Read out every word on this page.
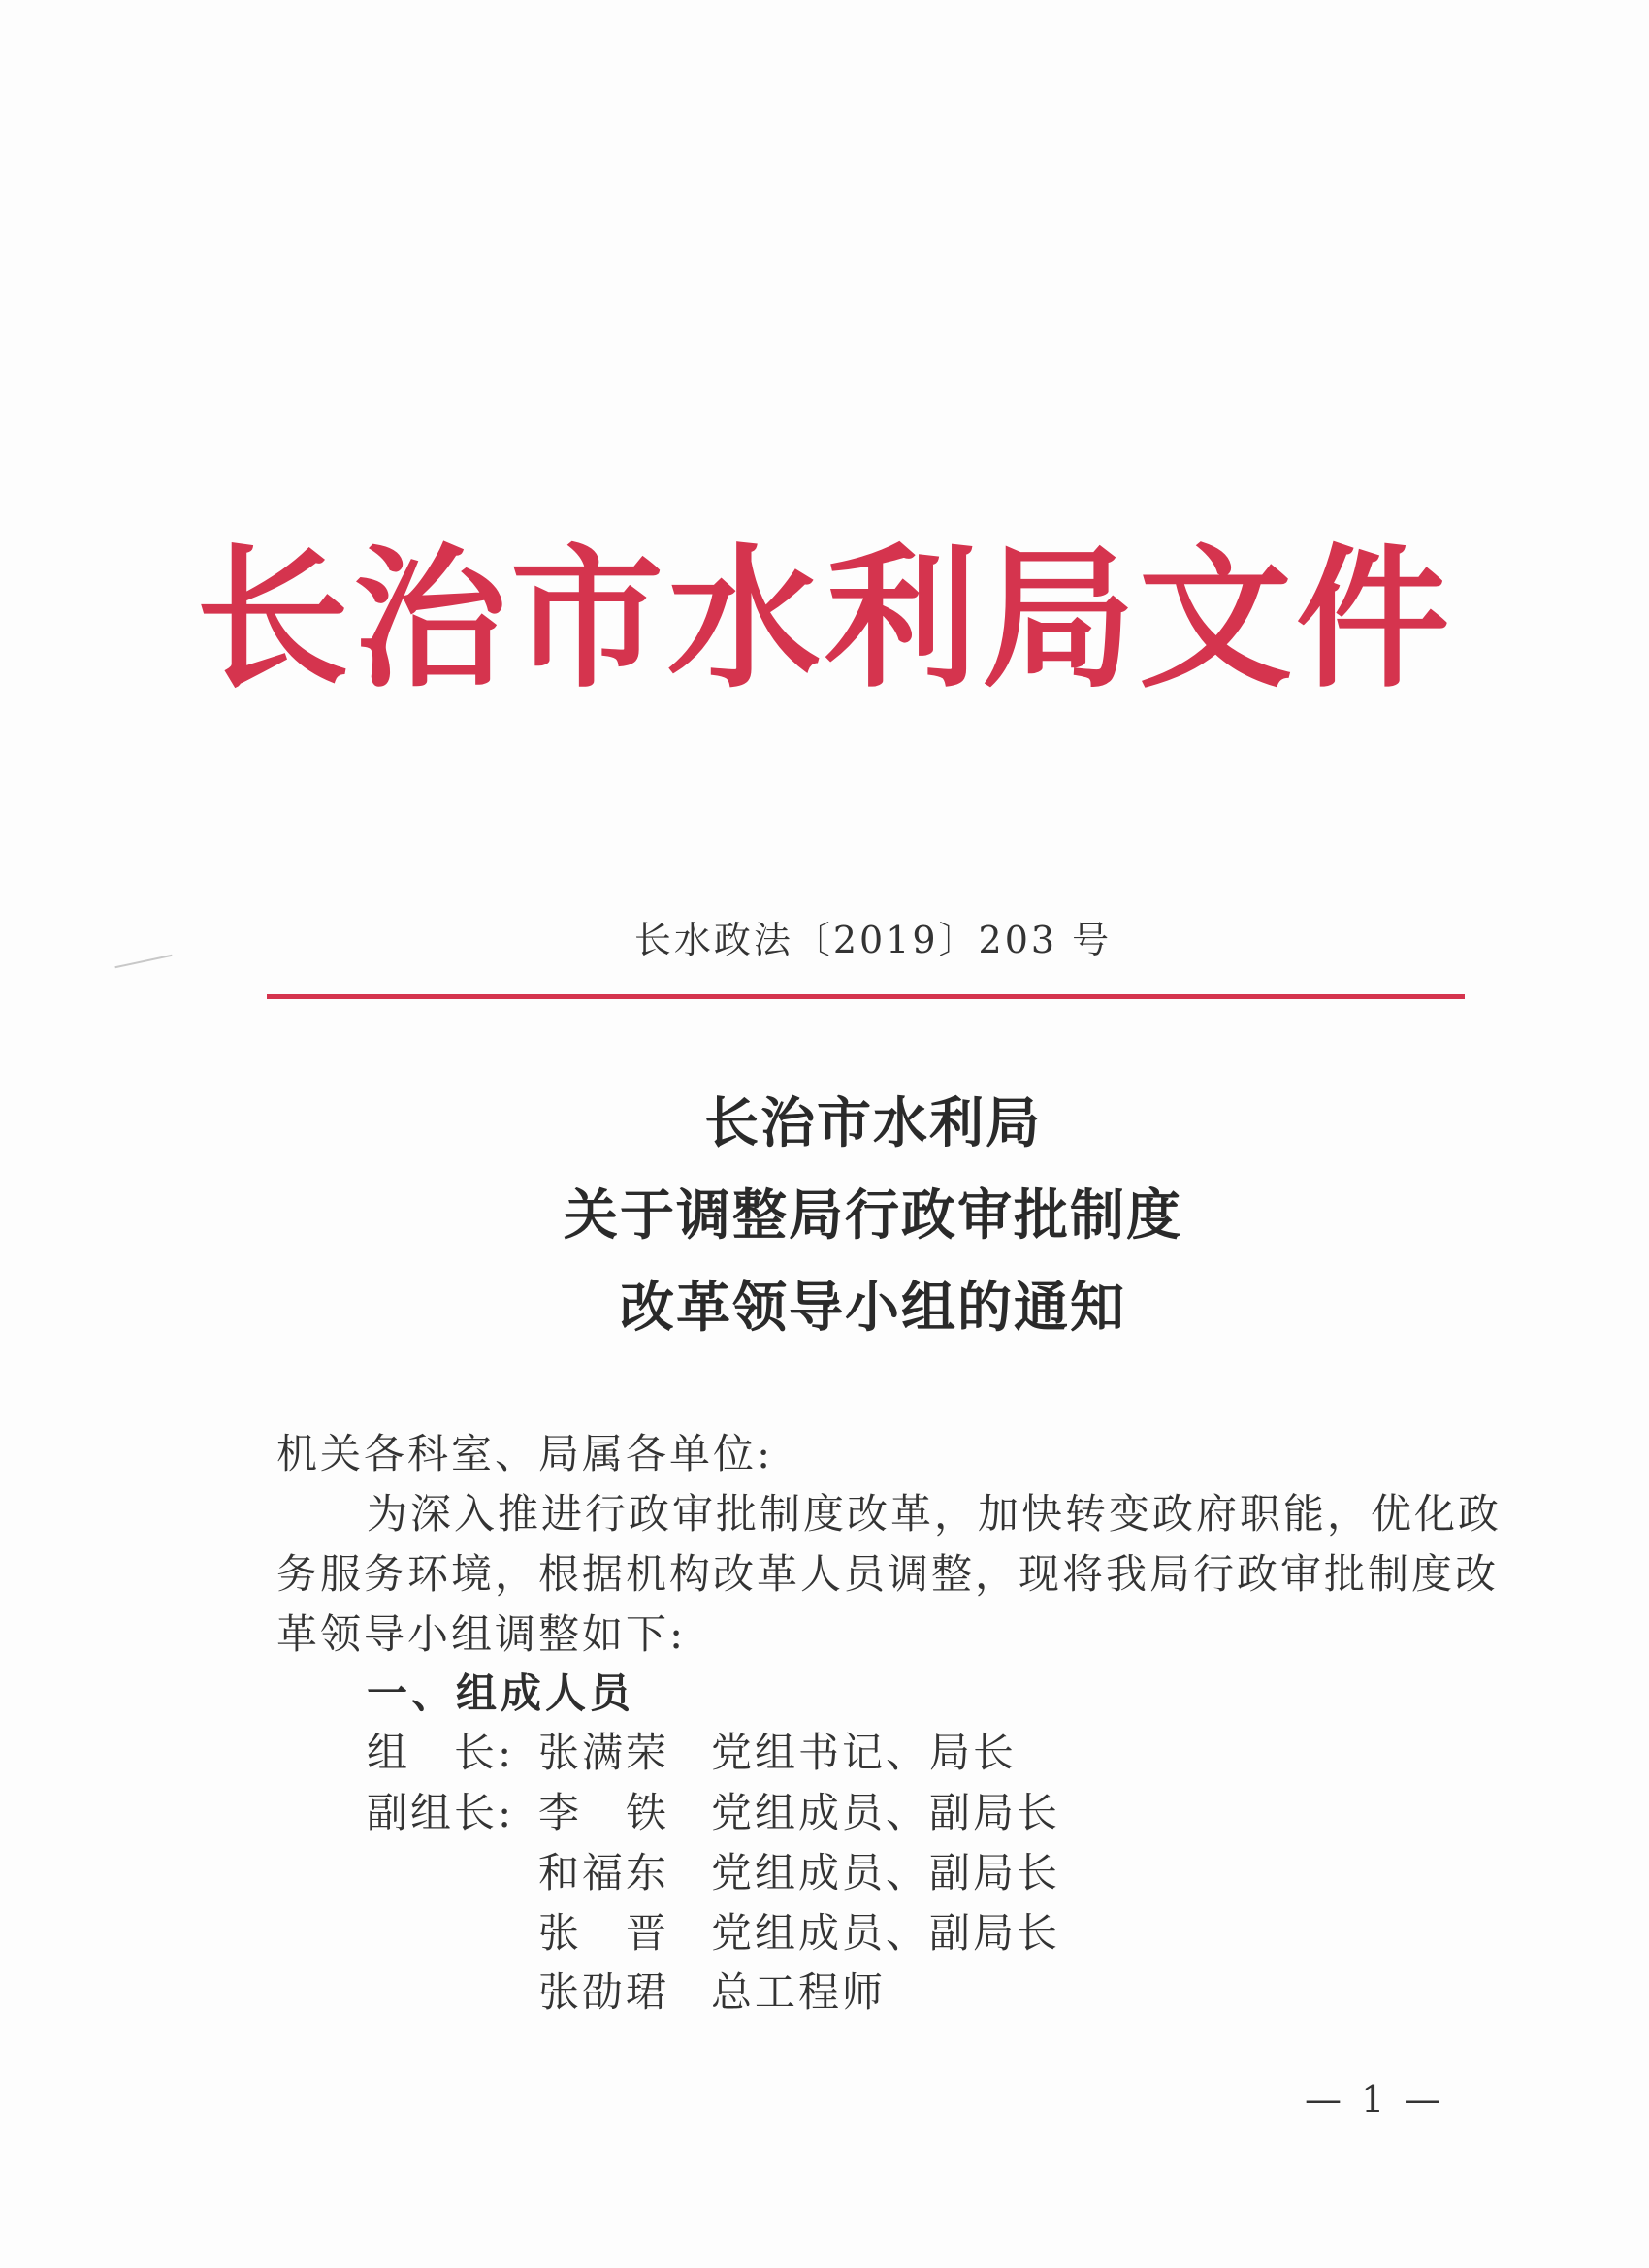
长治市水利局文件
长水政法〔2019〕203 号
长治市水利局
关于调整局行政审批制度
改革领导小组的通知
机关各科室、局属各单位:
为深入推进行政审批制度改革，加快转变政府职能，优化政
务服务环境，根据机构改革人员调整，现将我局行政审批制度改
革领导小组调整如下:
一、组成人员
组　长: 张满荣 党组书记、局长
副组长: 李　铁 党组成员、副局长
和福东 党组成员、副局长
张　晋 党组成员、副局长
张劭珺 总工程师
— 1 —
